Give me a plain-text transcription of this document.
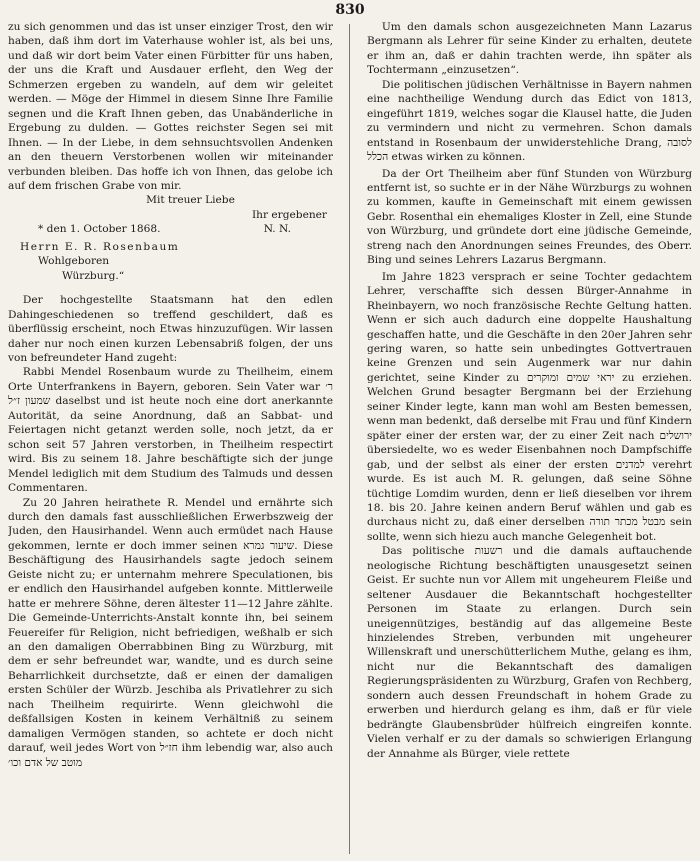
830

zu sich genommen und das ist unser einziger Trost, den wir haben, daß ihm dort im Vaterhause wohler ist, als bei uns, und daß wir dort beim Vater einen Fürbitter für uns haben, der uns die Kraft und Ausdauer erfleht, den Weg der Schmerzen ergeben zu wandeln, auf dem wir geleitet werden. — Möge der Himmel in diesem Sinne Ihre Familie segnen und die Kraft Ihnen geben, das Unabänderliche in Ergebung zu dulden. — Gottes reichster Segen sei mit Ihnen. — In der Liebe, in dem sehnsuchtsvollen Andenken an den theuern Verstorbenen wollen wir miteinander verbunden bleiben. Das hoffe ich von Ihnen, das gelobe ich auf dem frischen Grabe von mir.

Mit treuer Liebe

Ihr ergebener

* den 1. October 1868.	N. N.

Herrn E. R. Rosenbaum

Wohlgeboren

Würzburg.“

Der hochgestellte Staatsmann hat den edlen Dahingeschiedenen so treffend geschildert, daß es überflüssig erscheint, noch Etwas hinzuzufügen. Wir lassen daher nur noch einen kurzen Lebensabriß folgen, der uns von befreundeter Hand zugeht:

Rabbi Mendel Rosenbaum wurde zu Theilheim, einem Orte Unterfrankens in Bayern, geboren. Sein Vater war ר׳ שמעון ז״ל daselbst und ist heute noch eine dort anerkannte Autorität, da seine Anordnung, daß an Sabbat- und Feiertagen nicht getanzt werden solle, noch jetzt, da er schon seit 57 Jahren verstorben, in Theilheim respectirt wird. Bis zu seinem 18. Jahre beschäftigte sich der junge Mendel lediglich mit dem Studium des Talmuds und dessen Commentaren.

Zu 20 Jahren heirathete R. Mendel und ernährte sich durch den damals fast ausschließlichen Erwerbszweig der Juden, den Hausirhandel. Wenn auch ermüdet nach Hause gekommen, lernte er doch immer seinen שיעור גמרא. Diese Beschäftigung des Hausirhandels sagte jedoch seinem Geiste nicht zu; er unternahm mehrere Speculationen, bis er endlich den Hausirhandel aufgeben konnte. Mittlerweile hatte er mehrere Söhne, deren ältester 11—12 Jahre zählte. Die Gemeinde-Unterrichts-Anstalt konnte ihn, bei seinem Feuereifer für Religion, nicht befriedigen, weßhalb er sich an den damaligen Oberrabbinen Bing zu Würzburg, mit dem er sehr befreundet war, wandte, und es durch seine Beharrlichkeit durchsetzte, daß er einen der damaligen ersten Schüler der Würzb. Jeschiba als Privatlehrer zu sich nach Theilheim requirirte. Wenn gleichwohl die deßfallsigen Kosten in keinem Verhältniß zu seinem damaligen Vermögen standen, so achtete er doch nicht darauf, weil jedes Wort von חז״ל ihm lebendig war, also auch מוטב של אדם וכו׳

Um den damals schon ausgezeichneten Mann Lazarus Bergmann als Lehrer für seine Kinder zu erhalten, deutete er ihm an, daß er dahin trachten werde, ihn später als Tochtermann „einzusetzen“.

Die politischen jüdischen Verhältnisse in Bayern nahmen eine nachtheilige Wendung durch das Edict von 1813, eingeführt 1819, welches sogar die Klausel hatte, die Juden zu vermindern und nicht zu vermehren. Schon damals entstand in Rosenbaum der unwiderstehliche Drang, לסובה הכלל etwas wirken zu können.

Da der Ort Theilheim aber fünf Stunden von Würzburg entfernt ist, so suchte er in der Nähe Würzburgs zu wohnen zu kommen, kaufte in Gemeinschaft mit einem gewissen Gebr. Rosenthal ein ehemaliges Kloster in Zell, eine Stunde von Würzburg, und gründete dort eine jüdische Gemeinde, streng nach den Anordnungen seines Freundes, des Oberr. Bing und seines Lehrers Lazarus Bergmann.

Im Jahre 1823 versprach er seine Tochter gedachtem Lehrer, verschaffte sich dessen Bürger-Annahme in Rheinbayern, wo noch französische Rechte Geltung hatten. Wenn er sich auch dadurch eine doppelte Haushaltung geschaffen hatte, und die Geschäfte in den 20er Jahren sehr gering waren, so hatte sein unbedingtes Gottvertrauen keine Grenzen und sein Augenmerk war nur dahin gerichtet, seine Kinder zu יראי שמים ומוקרים zu erziehen. Welchen Grund besagter Bergmann bei der Erziehung seiner Kinder legte, kann man wohl am Besten bemessen, wenn man bedenkt, daß derselbe mit Frau und fünf Kindern später einer der ersten war, der zu einer Zeit nach ירושלים übersiedelte, wo es weder Eisenbahnen noch Dampfschiffe gab, und der selbst als einer der ersten למדנים verehrt wurde. Es ist auch M. R. gelungen, daß seine Söhne tüchtige Lomdim wurden, denn er ließ dieselben vor ihrem 18. bis 20. Jahre keinen andern Beruf wählen und gab es durchaus nicht zu, daß einer derselben מבטל מכתר תורה sein sollte, wenn sich hiezu auch manche Gelegenheit bot.

Das politische רשעות und die damals auftauchende neologische Richtung beschäftigten unausgesetzt seinen Geist. Er suchte nun vor Allem mit ungeheurem Fleiße und seltener Ausdauer die Bekanntschaft hochgestellter Personen im Staate zu erlangen. Durch sein uneigennütziges, beständig auf das allgemeine Beste hinzielendes Streben, verbunden mit ungeheurer Willenskraft und unerschütterlichem Muthe, gelang es ihm, nicht nur die Bekanntschaft des damaligen Regierungspräsidenten zu Würzburg, Grafen von Rechberg, sondern auch dessen Freundschaft in hohem Grade zu erwerben und hierdurch gelang es ihm, daß er für viele bedrängte Glaubensbrüder hülfreich eingreifen konnte. Vielen verhalf er zu der damals so schwierigen Erlangung der Annahme als Bürger, viele rettete
